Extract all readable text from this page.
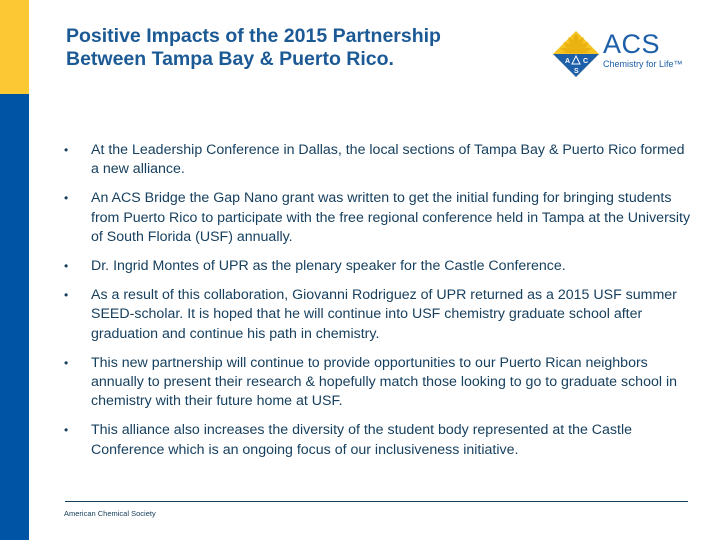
Positive Impacts of the 2015 Partnership Between Tampa Bay & Puerto Rico.	A C
S
ACS
Chemistry for Life™
• At the Leadership Conference in Dallas, the local sections of Tampa Bay & Puerto Rico formed a new alliance.
• An ACS Bridge the Gap Nano grant was written to get the initial funding for bringing students from Puerto Rico to participate with the free regional conference held in Tampa at the University of South Florida (USF) annually.
• Dr. Ingrid Montes of UPR as the plenary speaker for the Castle Conference.
• As a result of this collaboration, Giovanni Rodriguez of UPR returned as a 2015 USF summer SEED-scholar. It is hoped that he will continue into USF chemistry graduate school after graduation and continue his path in chemistry.
• This new partnership will continue to provide opportunities to our Puerto Rican neighbors annually to present their research & hopefully match those looking to go to graduate school in chemistry with their future home at USF.
• This alliance also increases the diversity of the student body represented at the Castle Conference which is an ongoing focus of our inclusiveness initiative.
American Chemical Society
